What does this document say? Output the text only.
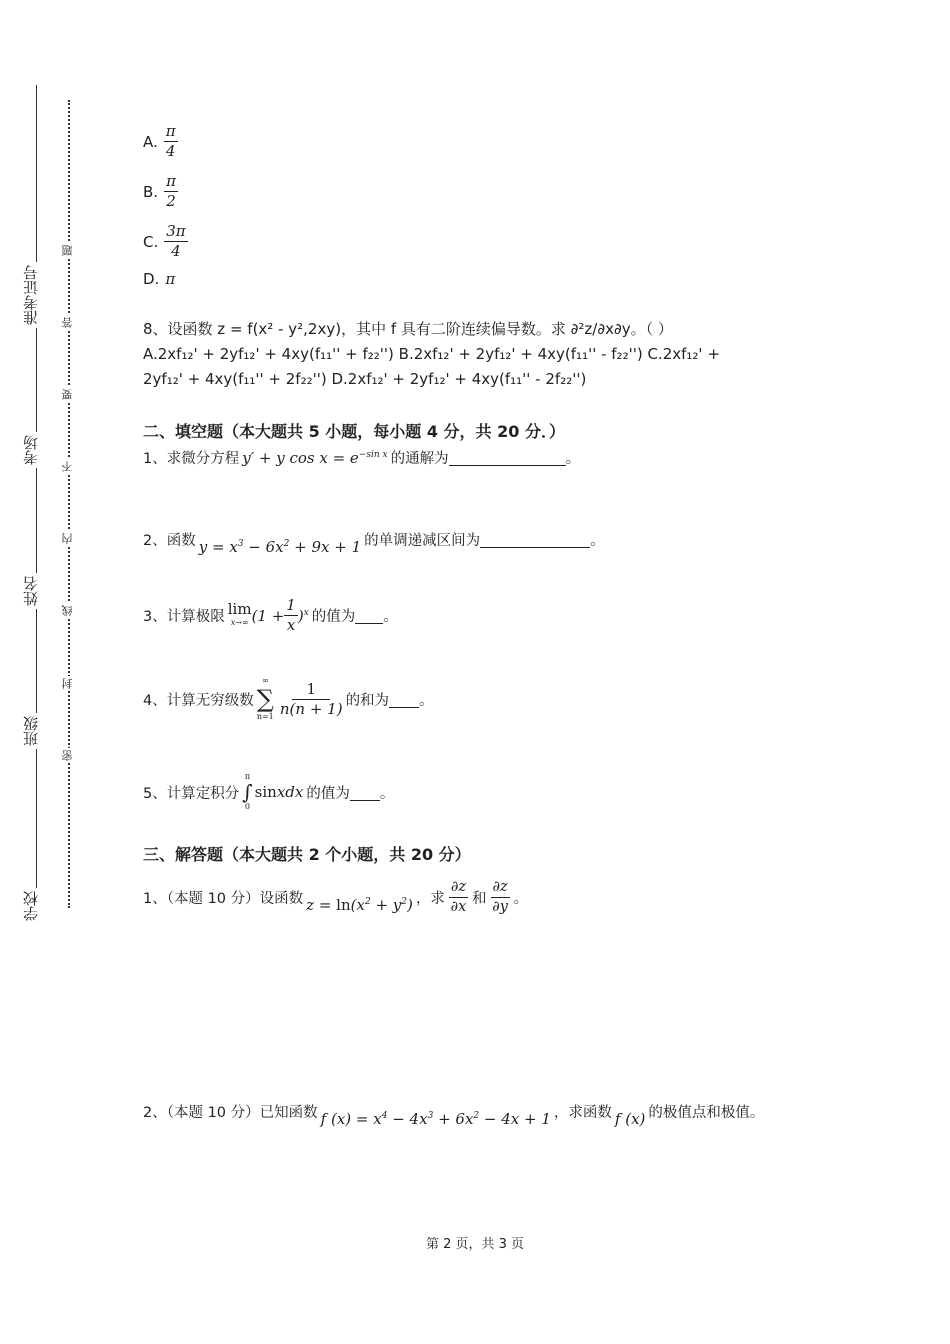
准考证号
考场
姓名
班级
学校
题
答
要
不
内
线
封
密
A. $\frac{\pi}{4}$
B. $\frac{\pi}{2}$
C. $\frac{3\pi}{4}$
D. π
8、设函数 z = f(x² - y²,2xy)，其中 f 具有二阶连续偏导数。求 ∂²z/∂x∂y。（ ）
A.2xf₁₂' + 2yf₁₂' + 4xy(f₁₁'' + f₂₂'') B.2xf₁₂' + 2yf₁₂' + 4xy(f₁₁'' - f₂₂'') C.2xf₁₂' +
2yf₁₂' + 4xy(f₁₁'' + 2f₂₂'') D.2xf₁₂' + 2yf₁₂' + 4xy(f₁₁'' - 2f₂₂'')
二、填空题（本大题共 5 小题，每小题 4 分，共 20 分．）
1、求微分方程 y′ + y $\cos x = e^{-sin x}$ 的通解为	。
2、函数 $y = x^3 - 6x^2 + 9x + 1$ 的单调递减区间为	。
3、计算极限 lim
x→∞ $(1 + \frac{1}{x} )^x$ 的值为 。
4、计算无穷级数
∞
∑
$n=1 \frac{1}{n(n + 1)}$ 的和为 。
5、计算定积分
π
∫
0
sin xdx 的值为 。
三、解答题（本大题共 2 个小题，共 20 分）
1、（本题 10 分）设函数 $z = \ln(x^2 + y^2)$ ，求 $\frac{\partial z}{\partial x}$ 和 $\frac{\partial z}{\partial y}$ 。
2、（本题 10 分）已知函数 f $(x) = x^4 - 4x^3 + 6x^2 - 4x + 1$ ，求函数 f (x) 的极值点和极值。
第 2 页，共 3 页
